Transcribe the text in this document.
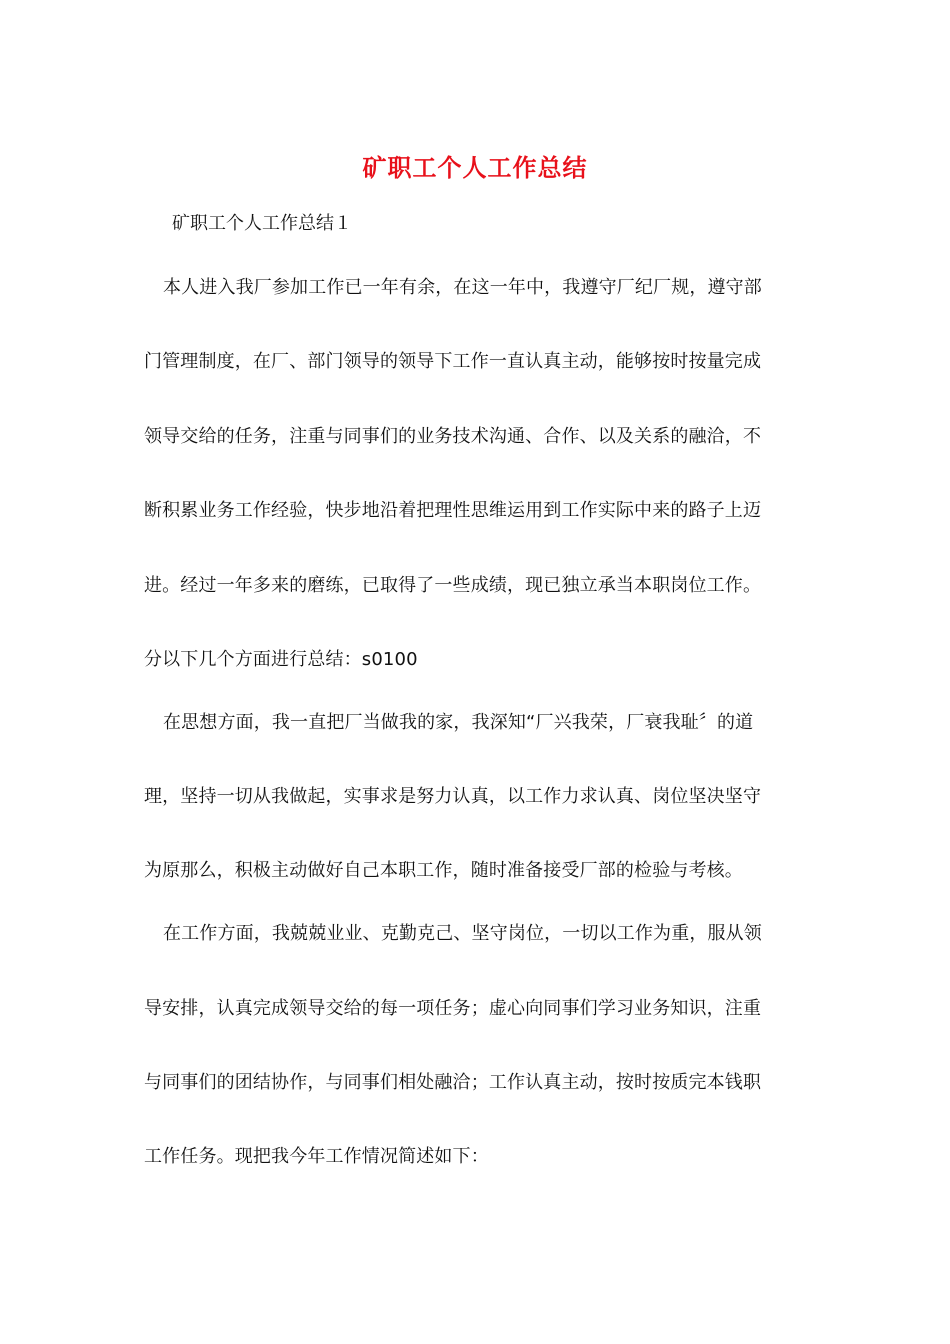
矿职工个人工作总结
矿职工个人工作总结１
本人进入我厂参加工作已一年有余，在这一年中，我遵守厂纪厂规，遵守部
门管理制度，在厂、部门领导的领导下工作一直认真主动，能够按时按量完成
领导交给的任务，注重与同事们的业务技术沟通、合作、以及关系的融洽，不
断积累业务工作经验，快步地沿着把理性思维运用到工作实际中来的路子上迈
进。经过一年多来的磨练，已取得了一些成绩，现已独立承当本职岗位工作。
分以下几个方面进行总结：s0100
在思想方面，我一直把厂当做我的家，我深知“厂兴我荣，厂衰我耻〞的道
理，坚持一切从我做起，实事求是努力认真，以工作力求认真、岗位坚决坚守
为原那么，积极主动做好自己本职工作，随时准备接受厂部的检验与考核。
在工作方面，我兢兢业业、克勤克己、坚守岗位，一切以工作为重，服从领
导安排，认真完成领导交给的每一项任务；虚心向同事们学习业务知识，注重
与同事们的团结协作，与同事们相处融洽；工作认真主动，按时按质完本钱职
工作任务。现把我今年工作情况简述如下：
